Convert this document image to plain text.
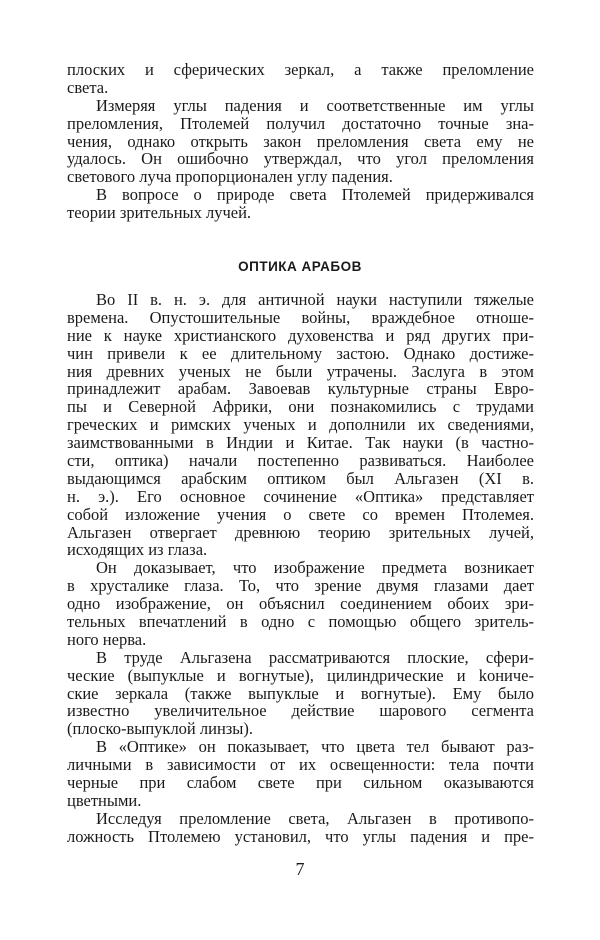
плоских и сферических зеркал, а также преломление
света.
Измеряя углы падения и соответственные им углы
преломления, Птолемей получил достаточно точные зна-
чения, однако открыть закон преломления света ему не
удалось. Он ошибочно утверждал, что угол преломления
светового луча пропорционален углу падения.
В вопросе о природе света Птолемей придерживался
теории зрительных лучей.
ОПТИКА АРАБОВ
Во II в. н. э. для античной науки наступили тяжелые
времена. Опустошительные войны, враждебное отноше-
ние к науке христианского духовенства и ряд других при-
чин привели к ее длительному застою. Однако достиже-
ния древних ученых не были утрачены. Заслуга в этом
принадлежит арабам. Завоевав культурные страны Евро-
пы и Северной Африки, они познакомились с трудами
греческих и римских ученых и дополнили их сведениями,
заимствованными в Индии и Китае. Так науки (в частно-
сти, оптика) начали постепенно развиваться. Наиболее
выдающимся арабским оптиком был Альгазен (XI в.
н. э.). Его основное сочинение «Оптика» представляет
собой изложение учения о свете со времен Птолемея.
Альгазен отвергает древнюю теорию зрительных лучей,
исходящих из глаза.
Он доказывает, что изображение предмета возникает
в хрусталике глаза. То, что зрение двумя глазами дает
одно изображение, он объяснил соединением обоих зри-
тельных впечатлений в одно с помощью общего зритель-
ного нерва.
В труде Альгазена рассматриваются плоские, сфери-
ческие (выпуклые и вогнутые), цилиндрические и koниче-
ские зеркала (также выпуклые и вогнутые). Ему было
известно увеличительное действие шарового сегмента
(плоско-выпуклой линзы).
В «Оптике» он показывает, что цвета тел бывают раз-
личными в зависимости от их освещенности: тела почти
черные при слабом свете при сильном оказываются
цветными.
Исследуя преломление света, Альгазен в противопо-
ложность Птолемею установил, что углы падения и пре-
7
